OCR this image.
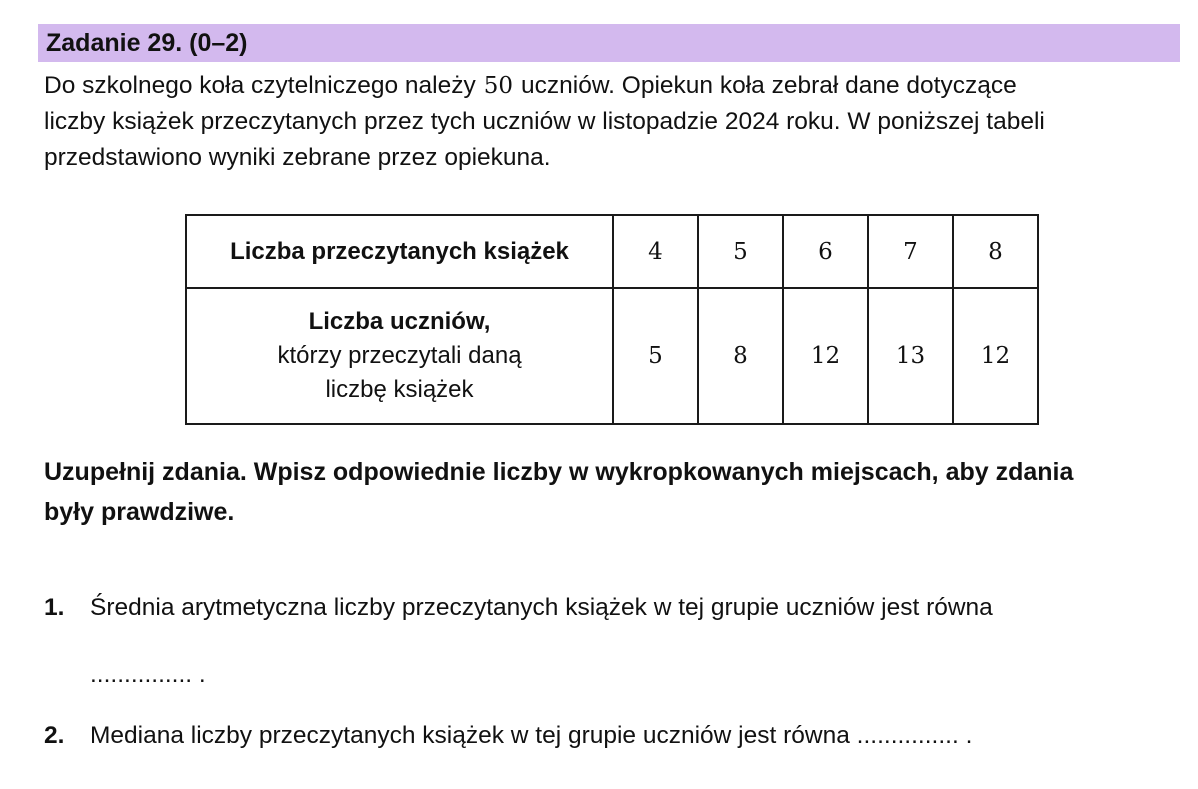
Zadanie 29. (0–2)
Do szkolnego koła czytelniczego należy 50 uczniów. Opiekun koła zebrał dane dotyczące
liczby książek przeczytanych przez tych uczniów w listopadzie 2024 roku. W poniższej tabeli
przedstawiono wyniki zebrane przez opiekuna.
Liczba przeczytanych książek	4	5	6	7	8

Liczba uczniów,
którzy przeczytali daną
liczbę książek	5	8	12	13	12
Uzupełnij zdania. Wpisz odpowiednie liczby w wykropkowanych miejscach, aby zdania
były prawdziwe.
1. Średnia arytmetyczna liczby przeczytanych książek w tej grupie uczniów jest równa
............... .
2. Mediana liczby przeczytanych książek w tej grupie uczniów jest równa ............... .
